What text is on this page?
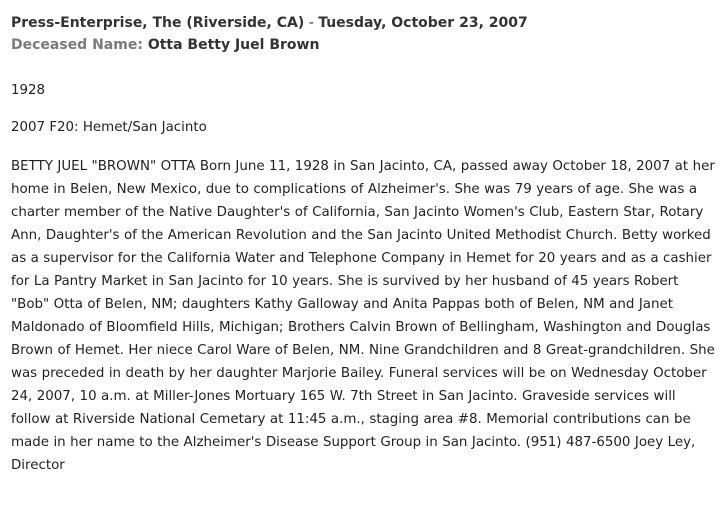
Press-Enterprise, The (Riverside, CA) - Tuesday, October 23, 2007

Deceased Name: Otta Betty Juel Brown

1928

2007 F20: Hemet/San Jacinto

BETTY JUEL "BROWN" OTTA Born June 11, 1928 in San Jacinto, CA, passed away October 18, 2007 at her home in Belen, New Mexico, due to complications of Alzheimer's. She was 79 years of age. She was a charter member of the Native Daughter's of California, San Jacinto Women's Club, Eastern Star, Rotary Ann, Daughter's of the American Revolution and the San Jacinto United Methodist Church. Betty worked as a supervisor for the California Water and Telephone Company in Hemet for 20 years and as a cashier for La Pantry Market in San Jacinto for 10 years. She is survived by her husband of 45 years Robert "Bob" Otta of Belen, NM; daughters Kathy Galloway and Anita Pappas both of Belen, NM and Janet Maldonado of Bloomfield Hills, Michigan; Brothers Calvin Brown of Bellingham, Washington and Douglas Brown of Hemet. Her niece Carol Ware of Belen, NM. Nine Grandchildren and 8 Great-grandchildren. She was preceded in death by her daughter Marjorie Bailey. Funeral services will be on Wednesday October 24, 2007, 10 a.m. at Miller-Jones Mortuary 165 W. 7th Street in San Jacinto. Graveside services will follow at Riverside National Cemetary at 11:45 a.m., staging area #8. Memorial contributions can be made in her name to the Alzheimer's Disease Support Group in San Jacinto. (951) 487-6500 Joey Ley, Director
